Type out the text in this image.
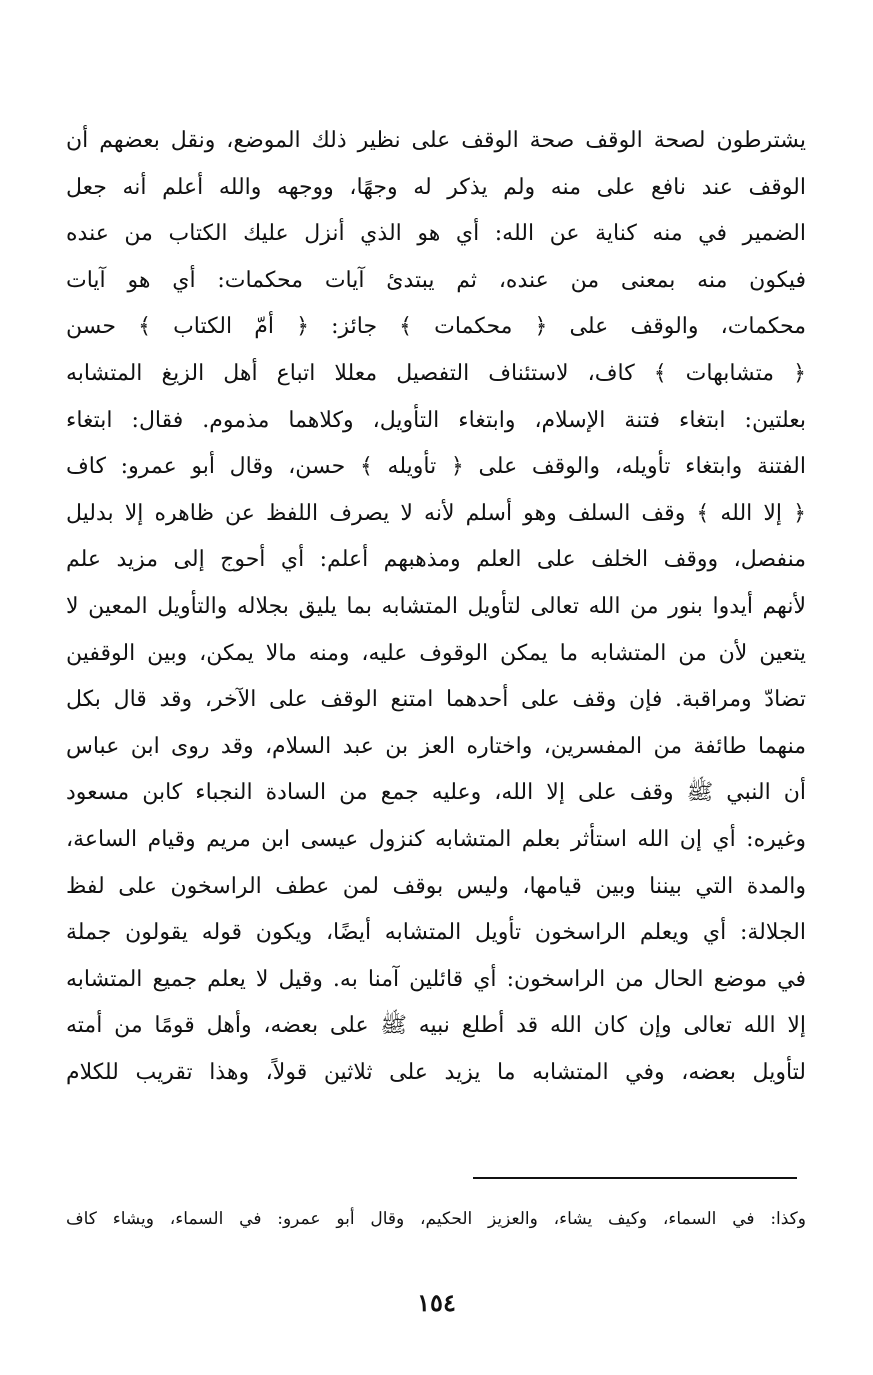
يشترطون لصحة الوقف صحة الوقف على نظير ذلك الموضع، ونقل بعضهم أن
الوقف عند نافع على منه ولم يذكر له وجهًا، ووجهه والله أعلم أنه جعل
الضمير في منه كناية عن الله: أي هو الذي أنزل عليك الكتاب من عنده
فيكون منه بمعنى من عنده، ثم يبتدئ آيات محكمات: أي هو آيات
محكمات، والوقف على ﴿ محكمات ﴾ جائز: ﴿ أمّ الكتاب ﴾ حسن
﴿ متشابهات ﴾ كاف، لاستئناف التفصيل معللا اتباع أهل الزيغ المتشابه
بعلتين: ابتغاء فتنة الإسلام، وابتغاء التأويل، وكلاهما مذموم. فقال: ابتغاء
الفتنة وابتغاء تأويله، والوقف على ﴿ تأويله ﴾ حسن، وقال أبو عمرو: كاف
﴿ إلا الله ﴾ وقف السلف وهو أسلم لأنه لا يصرف اللفظ عن ظاهره إلا بدليل
منفصل، ووقف الخلف على العلم ومذهبهم أعلم: أي أحوج إلى مزيد علم
لأنهم أيدوا بنور من الله تعالى لتأويل المتشابه بما يليق بجلاله والتأويل المعين لا
يتعين لأن من المتشابه ما يمكن الوقوف عليه، ومنه مالا يمكن، وبين الوقفين
تضادّ ومراقبة. فإن وقف على أحدهما امتنع الوقف على الآخر، وقد قال بكل
منهما طائفة من المفسرين، واختاره العز بن عبد السلام، وقد روى ابن عباس
أن النبي ﷺ وقف على إلا الله، وعليه جمع من السادة النجباء كابن مسعود
وغيره: أي إن الله استأثر بعلم المتشابه كنزول عيسى ابن مريم وقيام الساعة،
والمدة التي بيننا وبين قيامها، وليس بوقف لمن عطف الراسخون على لفظ
الجلالة: أي ويعلم الراسخون تأويل المتشابه أيضًا، ويكون قوله يقولون جملة
في موضع الحال من الراسخون: أي قائلين آمنا به. وقيل لا يعلم جميع المتشابه
إلا الله تعالى وإن كان الله قد أطلع نبيه ﷺ على بعضه، وأهل قومًا من أمته
لتأويل بعضه، وفي المتشابه ما يزيد على ثلاثين قولاً، وهذا تقريب للكلام
وكذا: في السماء، وكيف يشاء، والعزيز الحكيم، وقال أبو عمرو: في السماء، ويشاء كاف
١٥٤
